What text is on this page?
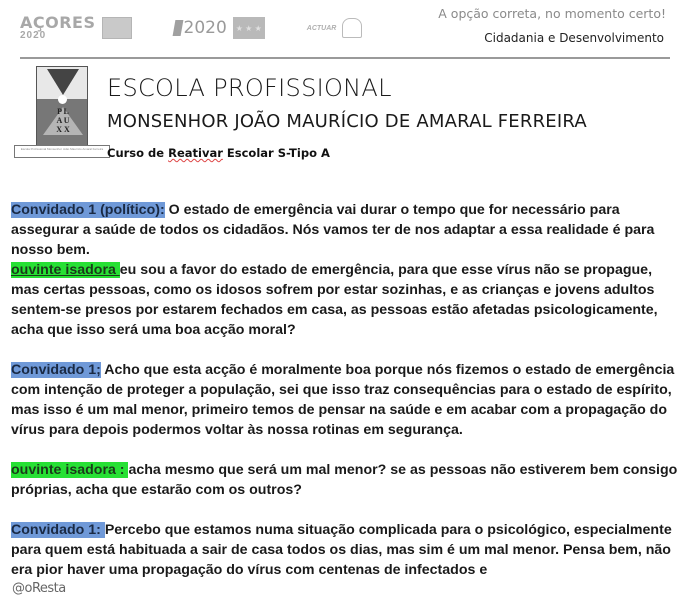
AÇORES
2020	2020 ★ ★ ★	ACTUAR
A opção correta, no momento certo!
Cidadania e Desenvolvimento
P L
A U
X X
Escola Profissional Monsenhor João Maurício Amaral Ferreira
ESCOLA PROFISSIONAL
MONSENHOR JOÃO MAURÍCIO DE AMARAL FERREIRA
Curso de Reativar Escolar S-Tipo A

Convidado 1 (político): O estado de emergência vai durar o tempo que for necessário para assegurar a saúde de todos os cidadãos. Nós vamos ter de nos adaptar a essa realidade é para nosso bem.

ouvinte isadora eu sou a favor do estado de emergência, para que esse vírus não se propague, mas certas pessoas, como os idosos sofrem por estar sozinhas, e as crianças e jovens adultos sentem-se presos por estarem fechados em casa, as pessoas estão afetadas psicologicamente, acha que isso será uma boa acção moral?

Convidado 1; Acho que esta acção é moralmente boa porque nós fizemos o estado de emergência com intenção de proteger a população, sei que isso traz consequências para o estado de espírito, mas isso é um mal menor, primeiro temos de pensar na saúde e em acabar com a propagação do vírus para depois podermos voltar às nossa rotinas em segurança.

ouvinte isadora : acha mesmo que será um mal menor? se as pessoas não estiverem bem consigo próprias, acha que estarão com os outros?

Convidado 1: Percebo que estamos numa situação complicada para o psicológico, especialmente para quem está habituada a sair de casa todos os dias, mas sim é um mal menor. Pensa bem, não era pior haver uma propagação do vírus com centenas de infectados e

@oResta
